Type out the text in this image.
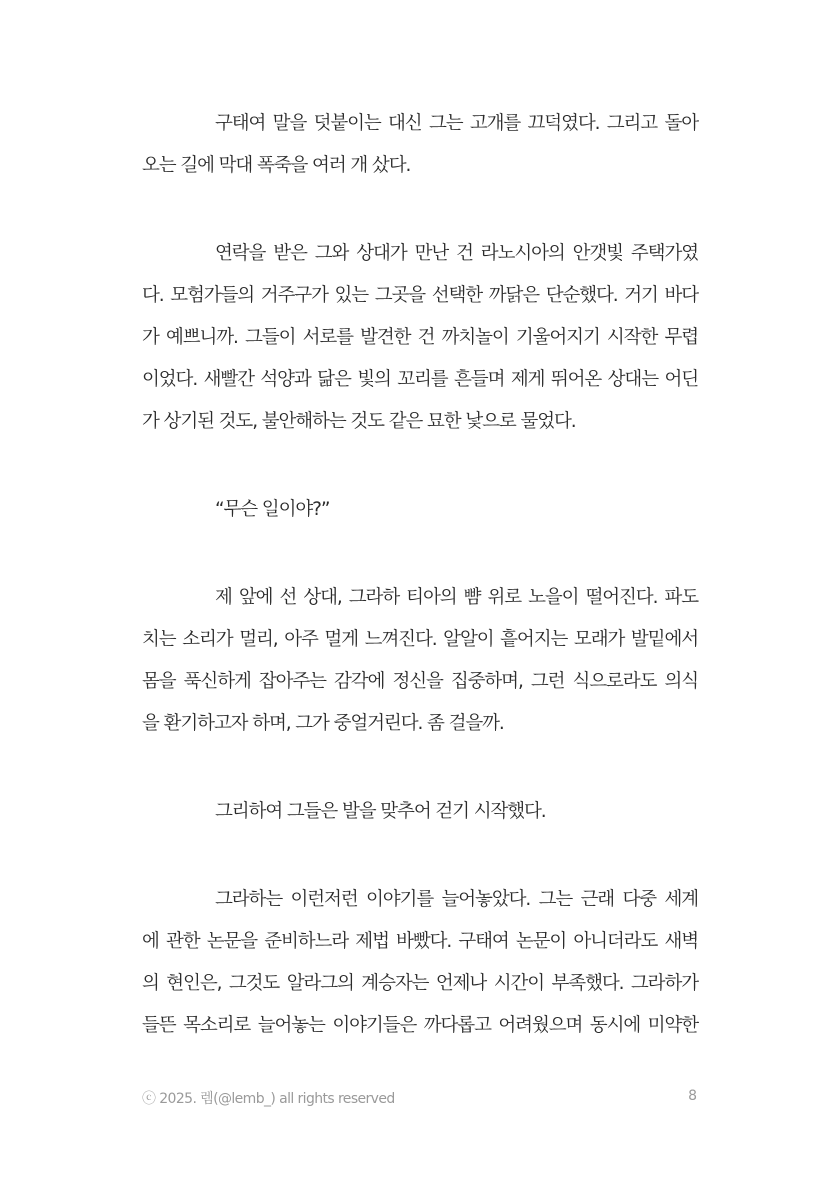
구태여 말을 덧붙이는 대신 그는 고개를 끄덕였다. 그리고 돌아
오는 길에 막대 폭죽을 여러 개 샀다.
연락을 받은 그와 상대가 만난 건 라노시아의 안갯빛 주택가였
다. 모험가들의 거주구가 있는 그곳을 선택한 까닭은 단순했다. 거기 바다
가 예쁘니까. 그들이 서로를 발견한 건 까치놀이 기울어지기 시작한 무렵
이었다. 새빨간 석양과 닮은 빛의 꼬리를 흔들며 제게 뛰어온 상대는 어딘
가 상기된 것도, 불안해하는 것도 같은 묘한 낯으로 물었다.
“무슨 일이야?”
제 앞에 선 상대, 그라하 티아의 뺨 위로 노을이 떨어진다. 파도
치는 소리가 멀리, 아주 멀게 느껴진다. 알알이 흩어지는 모래가 발밑에서
몸을 푹신하게 잡아주는 감각에 정신을 집중하며, 그런 식으로라도 의식
을 환기하고자 하며, 그가 중얼거린다. 좀 걸을까.
그리하여 그들은 발을 맞추어 걷기 시작했다.
그라하는 이런저런 이야기를 늘어놓았다. 그는 근래 다중 세계
에 관한 논문을 준비하느라 제법 바빴다. 구태여 논문이 아니더라도 새벽
의 현인은, 그것도 알라그의 계승자는 언제나 시간이 부족했다. 그라하가
들뜬 목소리로 늘어놓는 이야기들은 까다롭고 어려웠으며 동시에 미약한
ⓒ 2025. 렘(@lemb_) all rights reserved	8
